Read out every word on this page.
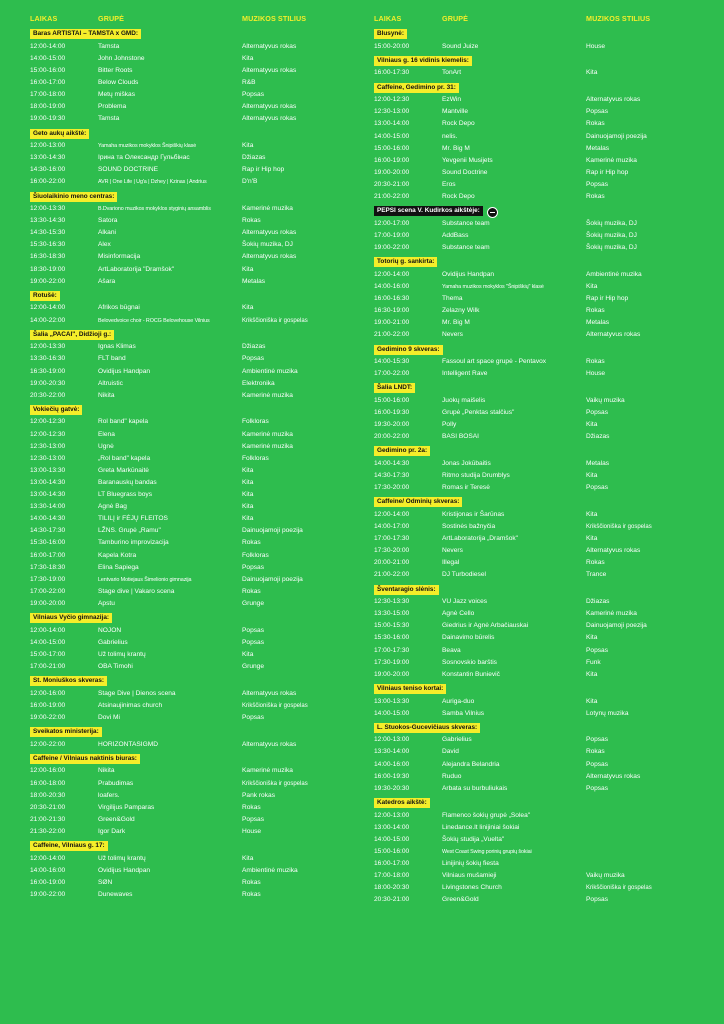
LAIKAS	GRUPĖ	MUZIKOS STILIUS
Baras ARTISTAI – TAMSTA x GMD:
12:00-14:00	Tamsta	Alternatyvus rokas
14:00-15:00	John Johnstone	Kita
15:00-16:00	Bitter Roots	Alternatyvus rokas
16:00-17:00	Below Clouds	R&B
17:00-18:00	Metų miškas	Popsas
18:00-19:00	Problema	Alternatyvus rokas
19:00-19:30	Tamsta	Alternatyvus rokas
Geto aukų aikštė:
12:00-13:00	Yamaha muzikos mokyklos Šnipiškių klasė	Kita
13:00-14:30	Ірина та Олександр Гульбінас	Džiazas
14:30-16:00	SOUND DOCTRINE	Rap ir Hip hop
16:00-22:00	AVR | One Life | Ug'a | Dzhey | Kzinas | Andrius	D'n'B
Šiuolaikinio meno centras:
12:00-13:30	B.Dvariono muzikos mokyklos styginių ansamblis	Kamerinė muzika
13:30-14:30	Satora	Rokas
14:30-15:30	Alkani	Alternatyvus rokas
15:30-16:30	Alex	Šokių muzika, DJ
16:30-18:30	Misinformacija	Alternatyvus rokas
18:30-19:00	ArtLaboratorija "Dramšok"	Kita
19:00-22:00	Ašara	Metalas
Rotušė:
12:00-14:00	Afrikos būgnai	Kita
14:00-22:00	Belovedvoice choir - ROCG Belovehouse Vilnius	Krikščioniška ir gospelas
Šalia „PACAI", Didžioji g.:
12:00-13:30	Ignas Klimas	Džiazas
13:30-16:30	FLT band	Popsas
16:30-19:00	Ovidijus Handpan	Ambientinė muzika
19:00-20:30	Altruistic	Elektronika
20:30-22:00	Nikita	Kamerinė muzika
Vokiečių gatvė:
12:00-12:30	Rol band" kapela	Folkloras
12:00-12:30	Elena	Kamerinė muzika
12:30-13:00	Ugnė	Kamerinė muzika
12:30-13:00	„Rol band" kapela	Folkloras
13:00-13:30	Greta Markūnaitė	Kita
13:00-14:30	Baranauskų bandas	Kita
13:00-14:30	LT Bluegrass boys	Kita
13:30-14:00	Agnė Bag	Kita
14:00-14:30	TILILĮ ir FĖJŲ FLEITOS	Kita
14:30-17:30	LŽNS. Grupė „Ramu"	Dainuojamoji poezija
15:30-16:00	Tamburino improvizacija	Rokas
16:00-17:00	Kapela Kotra	Folkloras
17:30-18:30	Elina Sapiega	Popsas
17:30-19:00	Lentvario Motiejaus Šimelionio gimnazija	Dainuojamoji poezija
17:00-22:00	Stage dive | Vakaro scena	Rokas
19:00-20:00	Apstu	Grunge
Vilniaus Vyčio gimnazija:
12:00-14:00	NOJON	Popsas
14:00-15:00	Gabrielius	Popsas
15:00-17:00	Už tolimų krantų	Kita
17:00-21:00	OBA Timohi	Grunge
St. Moniuškos skveras:
12:00-16:00	Stage Dive | Dienos scena	Alternatyvus rokas
16:00-19:00	Atsinaujinimas church	Krikščioniška ir gospelas
19:00-22:00	Dovi Mi	Popsas
Sveikatos ministerija:
12:00-22:00	HORIZONTASIGMD	Alternatyvus rokas
Caffeine / Vilniaus naktinis biuras:
12:00-16:00	Nikita	Kamerinė muzika
16:00-18:00	Prabudimas	Krikščioniška ir gospelas
18:00-20:30	loafers.	Pank rokas
20:30-21:00	Virgilijus Pamparas	Rokas
21:00-21:30	Green&Gold	Popsas
21:30-22:00	Igor Dark	House
Caffeine, Vilniaus g. 17:
12:00-14:00	Už tolimų krantų	Kita
14:00-16:00	Ovidijus Handpan	Ambientinė muzika
16:00-19:00	SØN	Rokas
19:00-22:00	Dunewaves	Rokas
LAIKAS	GRUPĖ	MUZIKOS STILIUS
Blusynė:
15:00-20:00	Sound Juize	House
Vilniaus g. 16 vidinis kiemelis:
16:00-17:30	TonArt	Kita
Caffeine, Gedimino pr. 31:
12:00-12:30	EzWin	Alternatyvus rokas
12:30-13:00	Mantville	Popsas
13:00-14:00	Rock Depo	Rokas
14:00-15:00	nelis.	Dainuojamoji poezija
15:00-16:00	Mr. Big M	Metalas
16:00-19:00	Yevgenii Musijets	Kamerinė muzika
19:00-20:00	Sound Doctrine	Rap ir Hip hop
20:30-21:00	Eros	Popsas
21:00-22:00	Rock Depo	Rokas
PEPSI scena V. Kudirkos aikštėje:
12:00-17:00	Substance team	Šokių muzika, DJ
17:00-19:00	AddBass	Šokių muzika, DJ
19:00-22:00	Substance team	Šokių muzika, DJ
Totorių g. sankirta:
12:00-14:00	Ovidijus Handpan	Ambientinė muzika
14:00-16:00	Yamaha muzikos mokyklos "Šnipiškių" klasė	Kita
16:00-16:30	Thema	Rap ir Hip hop
16:30-19:00	Zelazny Wilk	Rokas
19:00-21:00	Mr. Big M	Metalas
21:00-22:00	Nevers	Alternatyvus rokas
Gedimino 9 skveras:
14:00-15:30	Fassoul art space grupė - Pentavox	Rokas
17:00-22:00	Intelligent Rave	House
Šalia LNDT:
15:00-16:00	Juokų maišelis	Vaikų muzika
16:00-19:30	Grupė „Penktas stalčius"	Popsas
19:30-20:00	Polly	Kita
20:00-22:00	BASI BOSAI	Džiazas
Gedimino pr. 2a:
14:00-14:30	Jonas Jokūbaitis	Metalas
14:30-17:30	Ritmo studija Drumblys	Kita
17:30-20:00	Romas ir Teresė	Popsas
Caffeine/ Odminių skveras:
12:00-14:00	Kristijonas ir Šarūnas	Kita
14:00-17:00	Sostinės bažnyčia	Krikščioniška ir gospelas
17:00-17:30	ArtLaboratorija „Dramšok"	Kita
17:30-20:00	Nevers	Alternatyvus rokas
20:00-21:00	Illegal	Rokas
21:00-22:00	DJ Turbodiesel	Trance
Šventaragio slėnis:
12:30-13:30	VU Jazz voices	Džiazas
13:30-15:00	Agnė Cello	Kamerinė muzika
15:00-15:30	Giedrius ir Agnė Arbačiauskai	Dainuojamoji poezija
15:30-16:00	Dainavimo būrelis	Kita
17:00-17:30	Beava	Popsas
17:30-19:00	Sosnovskio barštis	Funk
19:00-20:00	Konstantin Bunievič	Kita
Vilniaus teniso kortai:
13:00-13:30	Auriga-duo	Kita
14:00-15:00	Samba Vilnius	Lotynų muzika
L. Stuokos-Gucevičiaus skveras:
12:00-13:00	Gabrielius	Popsas
13:30-14:00	David	Rokas
14:00-16:00	Alejandra Belandria	Popsas
16:00-19:30	Ruduo	Alternatyvus rokas
19:30-20:30	Arbata su burbuliukais	Popsas
Katedros aikštė:
12:00-13:00	Flamenco šokių grupė „Solea"
13:00-14:00	Linedance.lt linijiniai šokiai
14:00-15:00	Šokių studija „Vuelta"
15:00-16:00	West Coast Swing porinių grupių šokiai
16:00-17:00	Linijinių šokių fiesta
17:00-18:00	Vilniaus mušamieji	Vaikų muzika
18:00-20:30	Livingstones Church	Krikščioniška ir gospelas
20:30-21:00	Green&Gold	Popsas
